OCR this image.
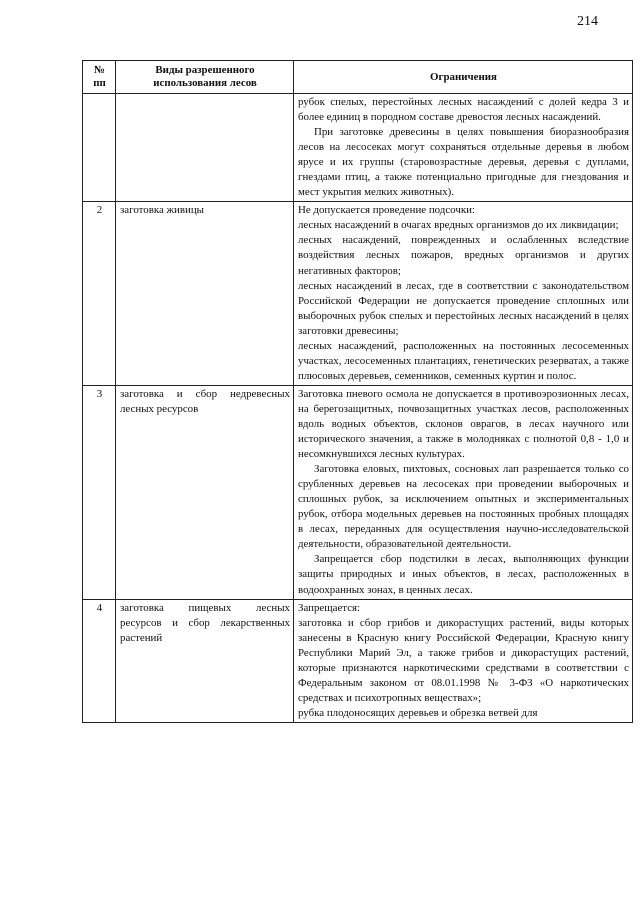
214
№ пп	Виды разрешенного использования лесов	Ограничения

		рубок спелых, перестойных лесных насаждений с долей кедра 3 и более единиц в породном составе древостоя лесных насаждений.

При заготовке древесины в целях повышения биоразнообразия лесов на лесосеках могут сохраняться отдельные деревья в любом ярусе и их группы (старовозрастные деревья, деревья с дуплами, гнездами птиц, а также потенциально пригодные для гнездования и мест укрытия мелких животных).

2	заготовка живицы	Не допускается проведение подсочки:

лесных насаждений в очагах вредных организмов до их ликвидации;

лесных насаждений, поврежденных и ослабленных вследствие воздействия лесных пожаров, вредных организмов и других негативных факторов;

лесных насаждений в лесах, где в соответствии с законодательством Российской Федерации не допускается проведение сплошных или выборочных рубок спелых и перестойных лесных насаждений в целях заготовки древесины;

лесных насаждений, расположенных на постоянных лесосеменных участках, лесосеменных плантациях, генетических резерватах, а также плюсовых деревьев, семенников, семенных куртин и полос.

3	заготовка и сбор недревесных лесных ресурсов	Заготовка пневого осмола не допускается в противоэрозионных лесах, на берегозащитных, почвозащитных участках лесов, расположенных вдоль водных объектов, склонов оврагов, в лесах научного или исторического значения, а также в молодняках с полнотой 0,8 - 1,0 и несомкнувшихся лесных культурах.

Заготовка еловых, пихтовых, сосновых лап разрешается только со срубленных деревьев на лесосеках при проведении выборочных и сплошных рубок, за исключением опытных и экспериментальных рубок, отбора модельных деревьев на постоянных пробных площадях в лесах, переданных для осуществления научно-исследовательской деятельности, образовательной деятельности.

Запрещается сбор подстилки в лесах, выполняющих функции защиты природных и иных объектов, в лесах, расположенных в водоохранных зонах, в ценных лесах.

4	заготовка пищевых лесных ресурсов и сбор лекарственных растений	Запрещается:

заготовка и сбор грибов и дикорастущих растений, виды которых занесены в Красную книгу Российской Федерации, Красную книгу Республики Марий Эл, а также грибов и дикорастущих растений, которые признаются наркотическими средствами в соответствии с Федеральным законом от 08.01.1998 № 3-ФЗ «О наркотических средствах и психотропных веществах»;

рубка плодоносящих деревьев и обрезка ветвей для
